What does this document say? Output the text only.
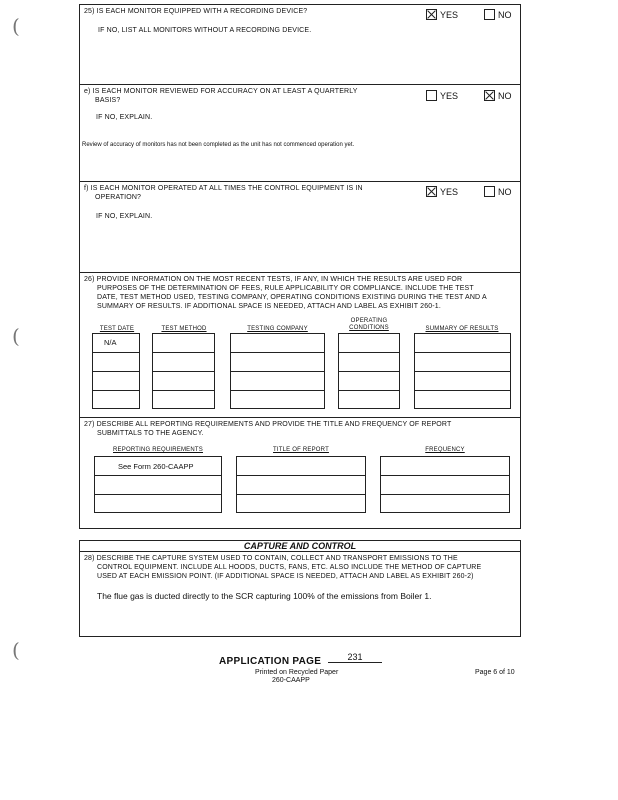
(
(
(
25) IS EACH MONITOR EQUIPPED WITH A RECORDING DEVICE?	YES	NO
IF NO, LIST ALL MONITORS WITHOUT A RECORDING DEVICE.
e) IS EACH MONITOR REVIEWED FOR ACCURACY ON AT LEAST A QUARTERLY
BASIS?	YES	NO
IF NO, EXPLAIN.
Review of accuracy of monitors has not been completed as the unit has not commenced operation yet.
f) IS EACH MONITOR OPERATED AT ALL TIMES THE CONTROL EQUIPMENT IS IN
OPERATION?
YES	NO
IF NO, EXPLAIN.
26) PROVIDE INFORMATION ON THE MOST RECENT TESTS, IF ANY, IN WHICH THE RESULTS ARE USED FOR
PURPOSES OF THE DETERMINATION OF FEES, RULE APPLICABILITY OR COMPLIANCE. INCLUDE THE TEST
DATE, TEST METHOD USED, TESTING COMPANY, OPERATING CONDITIONS EXISTING DURING THE TEST AND A
SUMMARY OF RESULTS. IF ADDITIONAL SPACE IS NEEDED, ATTACH AND LABEL AS EXHIBIT 260-1.
TEST DATE	TEST METHOD	TESTING COMPANY
OPERATING
CONDITIONS	SUMMARY OF RESULTS
N/A
27) DESCRIBE ALL REPORTING REQUIREMENTS AND PROVIDE THE TITLE AND FREQUENCY OF REPORT
SUBMITTALS TO THE AGENCY.
REPORTING REQUIREMENTS	TITLE OF REPORT	FREQUENCY
See Form 260-CAAPP
CAPTURE AND CONTROL
28) DESCRIBE THE CAPTURE SYSTEM USED TO CONTAIN, COLLECT AND TRANSPORT EMISSIONS TO THE
CONTROL EQUIPMENT. INCLUDE ALL HOODS, DUCTS, FANS, ETC. ALSO INCLUDE THE METHOD OF CAPTURE
USED AT EACH EMISSION POINT. (IF ADDITIONAL SPACE IS NEEDED, ATTACH AND LABEL AS EXHIBIT 260-2)
The flue gas is ducted directly to the SCR capturing 100% of the emissions from Boiler 1.
APPLICATION PAGE	231
Printed on Recycled Paper
260-CAAPP
Page 6 of 10
